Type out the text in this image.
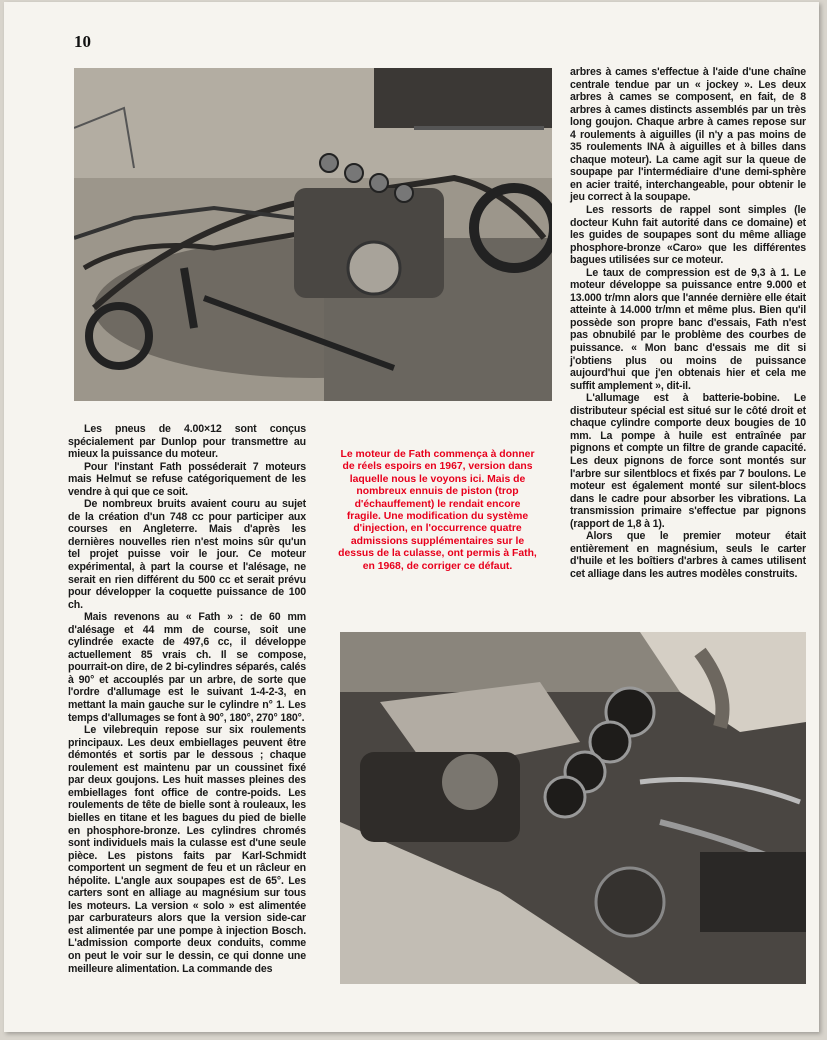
10

Les pneus de 4.00×12 sont conçus spécialement par Dunlop pour transmettre au mieux la puissance du moteur.

Pour l'instant Fath posséderait 7 moteurs mais Helmut se refuse catégoriquement de les vendre à qui que ce soit.

De nombreux bruits avaient couru au sujet de la création d'un 748 cc pour participer aux courses en Angleterre. Mais d'après les dernières nouvelles rien n'est moins sûr qu'un tel projet puisse voir le jour. Ce moteur expérimental, à part la course et l'alésage, ne serait en rien différent du 500 cc et serait prévu pour développer la coquette puissance de 100 ch.

Mais revenons au « Fath » : de 60 mm d'alésage et 44 mm de course, soit une cylindrée exacte de 497,6 cc, il développe actuellement 85 vrais ch. Il se compose, pourrait-on dire, de 2 bi-cylindres séparés, calés à 90° et accouplés par un arbre, de sorte que l'ordre d'allumage est le suivant 1-4-2-3, en mettant la main gauche sur le cylindre n° 1. Les temps d'allumages se font à 90°, 180°, 270° 180°.

Le vilebrequin repose sur six roulements principaux. Les deux embiellages peuvent être démontés et sortis par le dessous ; chaque roulement est maintenu par un coussinet fixé par deux goujons. Les huit masses pleines des embiellages font office de contre-poids. Les roulements de tête de bielle sont à rouleaux, les bielles en titane et les bagues du pied de bielle en phosphore-bronze. Les cylindres chromés sont individuels mais la culasse est d'une seule pièce. Les pistons faits par Karl-Schmidt comportent un segment de feu et un râcleur en hépolite. L'angle aux soupapes est de 65°. Les carters sont en alliage au magnésium sur tous les moteurs. La version « solo » est alimentée par carburateurs alors que la version side-car est alimentée par une pompe à injection Bosch. L'admission comporte deux conduits, comme on peut le voir sur le dessin, ce qui donne une meilleure alimentation. La commande des

arbres à cames s'effectue à l'aide d'une chaîne centrale tendue par un « jockey ». Les deux arbres à cames se composent, en fait, de 8 arbres à cames distincts assemblés par un très long goujon. Chaque arbre à cames repose sur 4 roulements à aiguilles (il n'y a pas moins de 35 roulements INA à aiguilles et à billes dans chaque moteur). La came agit sur la queue de soupape par l'intermédiaire d'une demi-sphère en acier traité, interchangeable, pour obtenir le jeu correct à la soupape.

Les ressorts de rappel sont simples (le docteur Kuhn fait autorité dans ce domaine) et les guides de soupapes sont du même alliage phosphore-bronze «Caro» que les différentes bagues utilisées sur ce moteur.

Le taux de compression est de 9,3 à 1. Le moteur développe sa puissance entre 9.000 et 13.000 tr/mn alors que l'année dernière elle était atteinte à 14.000 tr/mn et même plus. Bien qu'il possède son propre banc d'essais, Fath n'est pas obnubilé par le problème des courbes de puissance. « Mon banc d'essais me dit si j'obtiens plus ou moins de puissance aujourd'hui que j'en obtenais hier et cela me suffit amplement », dit-il.

L'allumage est à batterie-bobine. Le distributeur spécial est situé sur le côté droit et chaque cylindre comporte deux bougies de 10 mm. La pompe à huile est entraînée par pignons et compte un filtre de grande capacité. Les deux pignons de force sont montés sur l'arbre sur silentblocs et fixés par 7 boulons. Le moteur est également monté sur silent-blocs dans le cadre pour absorber les vibrations. La transmission primaire s'effectue par pignons (rapport de 1,8 à 1).

Alors que le premier moteur était entièrement en magnésium, seuls le carter d'huile et les boîtiers d'arbres à cames utilisent cet alliage dans les autres modèles construits.

Le moteur de Fath commença à donner de réels espoirs en 1967, version dans laquelle nous le voyons ici. Mais de nombreux ennuis de piston (trop d'échauffement) le rendait encore fragile. Une modification du système d'injection, en l'occurrence quatre admissions supplémentaires sur le dessus de la culasse, ont permis à Fath, en 1968, de corriger ce défaut.
